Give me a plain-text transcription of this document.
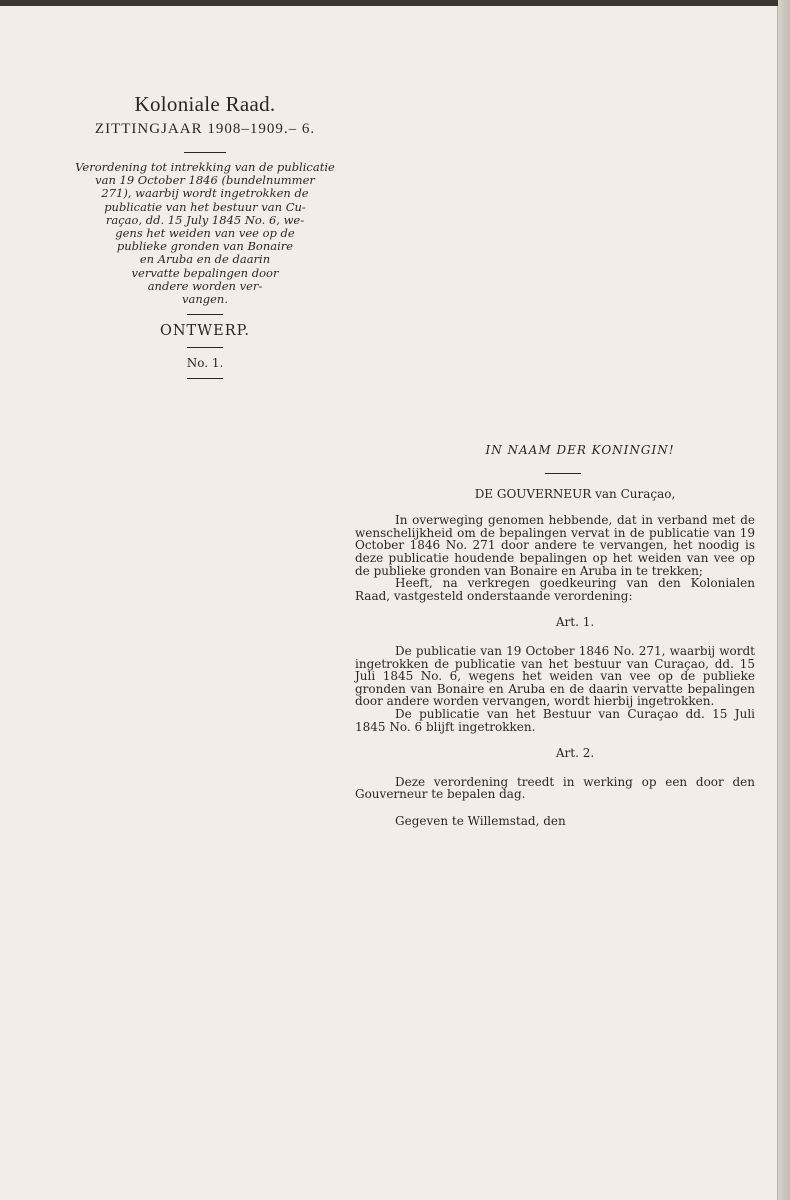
Koloniale Raad.
ZITTINGJAAR 1908–1909.– 6.
Verordening tot intrekking van de publicatie
van 19 October 1846 (bundelnummer
271), waarbij wordt ingetrokken de
publicatie van het bestuur van Cu-
raçao, dd. 15 July 1845 No. 6, we-
gens het weiden van vee op de
publieke gronden van Bonaire
en Aruba en de daarin
vervatte bepalingen door
andere worden ver-
vangen.
ONTWERP.
No. 1.
IN NAAM DER KONINGIN!
DE GOUVERNEUR van Curaçao,
In overweging genomen hebbende, dat in verband met de wenschelijkheid om de bepalingen vervat in de publicatie van 19 October 1846 No. 271 door andere te vervangen, het noodig is deze publicatie houdende bepalingen op het weiden van vee op de publieke gronden van Bonaire en Aruba in te trekken;
Heeft, na verkregen goedkeuring van den Kolonialen Raad, vastgesteld onderstaande verordening:
Art. 1.
De publicatie van 19 October 1846 No. 271, waarbij wordt ingetrokken de publicatie van het bestuur van Curaçao, dd. 15 Juli 1845 No. 6, wegens het weiden van vee op de publieke gronden van Bonaire en Aruba en de daarin vervatte bepalingen door andere worden vervangen, wordt hierbij ingetrokken.
De publicatie van het Bestuur van Curaçao dd. 15 Juli 1845 No. 6 blijft ingetrokken.
Art. 2.
Deze verordening treedt in werking op een door den Gouverneur te bepalen dag.
Gegeven te Willemstad, den
